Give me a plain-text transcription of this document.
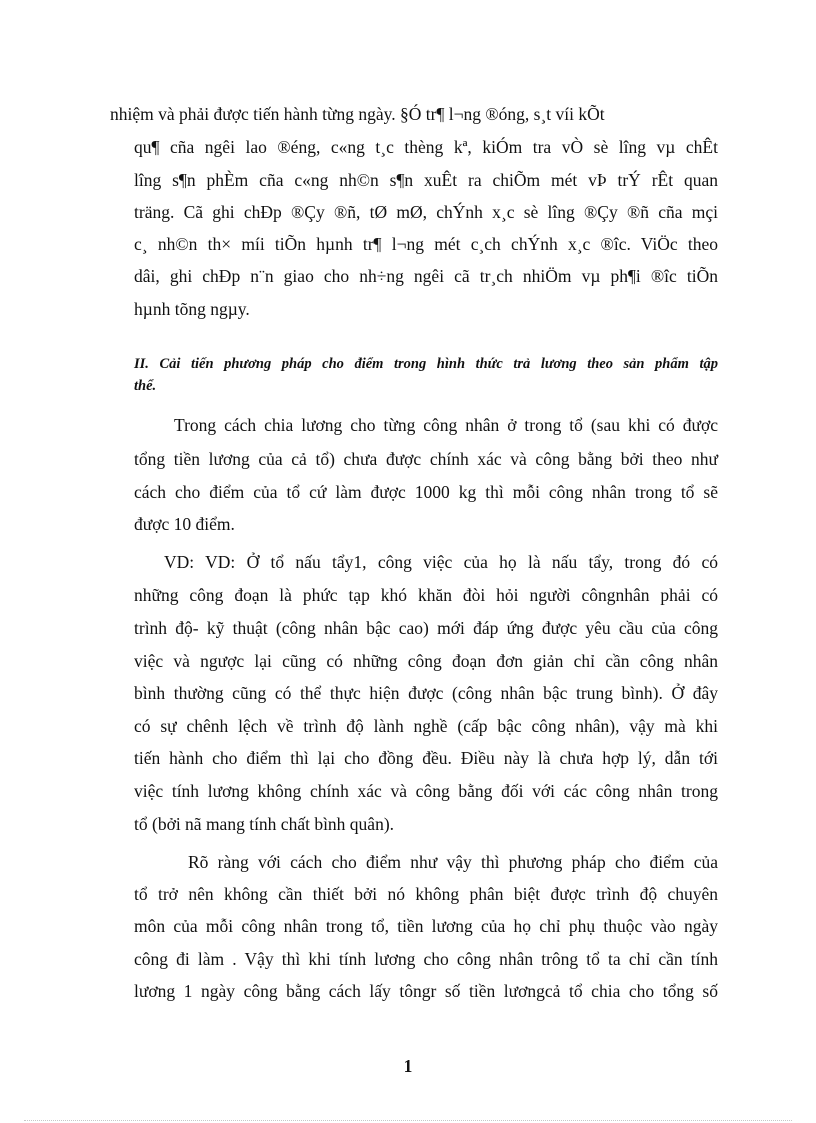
nhiệm và phải được tiến hành từng ngày. §Ó tr¶ l¬ng ®óng, s¸t víi kÕt
qu¶ cña ngêi lao ®éng, c«ng t¸c thèng kª, kiÓm tra vÒ sè lîng vµ chÊt
lîng s¶n phÈm cña c«ng nh©n s¶n xuÊt ra chiÕm mét vÞ trÝ rÊt quan
träng. Cã ghi chÐp ®Çy ®ñ, tØ mØ, chÝnh x¸c sè lîng ®Çy ®ñ cña mçi
c¸ nh©n th× míi tiÕn hµnh tr¶ l¬ng mét c¸ch chÝnh x¸c ®îc. ViÖc theo
dâi, ghi chÐp n¨n giao cho nh÷ng ngêi cã tr¸ch nhiÖm vµ ph¶i ®îc tiÕn
hµnh tõng ngµy.
II. Cải tiến phương pháp cho điểm trong hình thức trả lương theo sản phẩm tập
thể.
Trong cách chia lương cho từng công nhân ở trong tổ (sau khi có được
tổng tiền lương của cả tổ) chưa được chính xác và công bằng bởi theo như
cách cho điểm của tổ cứ làm được 1000 kg thì mỗi công nhân trong tổ sẽ
được 10 điểm.
VD: VD: Ở tổ nấu tẩy1, công việc của họ là nấu tẩy, trong đó có
những công đoạn là phức tạp khó khăn đòi hỏi người côngnhân phải có
trình độ- kỹ thuật (công nhân bậc cao) mới đáp ứng được yêu cầu của công
việc và ngược lại cũng có những công đoạn đơn giản chỉ cần công nhân
bình thường cũng có thể thực hiện được (công nhân bậc trung bình). Ở đây
có sự chênh lệch về trình độ lành nghề (cấp bậc công nhân), vậy mà khi
tiến hành cho điểm thì lại cho đồng đều. Điều này là chưa hợp lý, dẫn tới
việc tính lương không chính xác và công bằng đối với các công nhân trong
tổ (bởi nã mang tính chất bình quân).
Rõ ràng với cách cho điểm như vậy thì phương pháp cho điểm của
tổ trở nên không cần thiết bởi nó không phân biệt được trình độ chuyên
môn của mỗi công nhân trong tổ, tiền lương của họ chỉ phụ thuộc vào ngày
công đi làm . Vậy thì khi tính lương cho công nhân trông tổ ta chỉ cần tính
lương 1 ngày công bằng cách lấy tôngr số tiền lươngcả tổ chia cho tổng số
1
